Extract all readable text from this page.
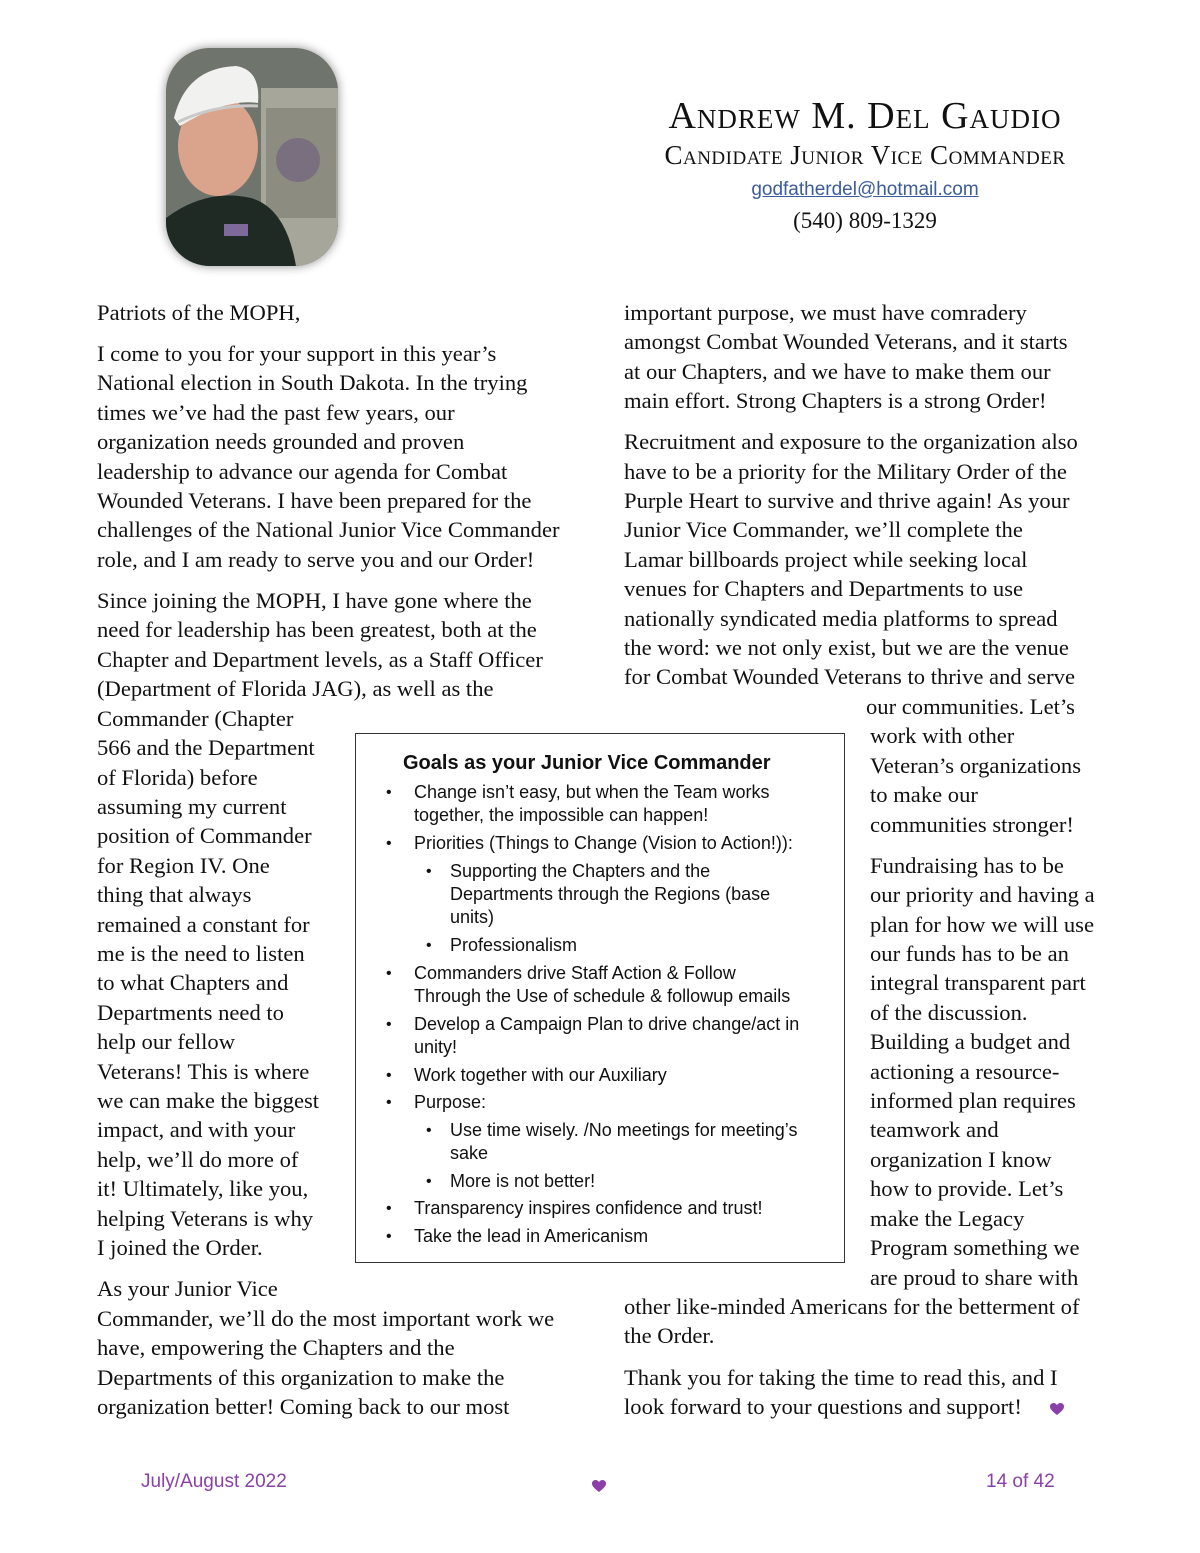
Andrew M. Del Gaudio
Candidate Junior Vice Commander
godfatherdel@hotmail.com
(540) 809-1329
Patriots of the MOPH,
I come to you for your support in this year’s
National election in South Dakota. In the trying
times we’ve had the past few years, our
organization needs grounded and proven
leadership to advance our agenda for Combat
Wounded Veterans. I have been prepared for the
challenges of the National Junior Vice Commander
role, and I am ready to serve you and our Order!
Since joining the MOPH, I have gone where the
need for leadership has been greatest, both at the
Chapter and Department levels, as a Staff Officer
(Department of Florida JAG), as well as the
Commander (Chapter
566 and the Department
of Florida) before
assuming my current
position of Commander
for Region IV. One
thing that always
remained a constant for
me is the need to listen
to what Chapters and
Departments need to
help our fellow
Veterans! This is where
we can make the biggest
impact, and with your
help, we’ll do more of
it! Ultimately, like you,
helping Veterans is why
I joined the Order.
As your Junior Vice
Commander, we’ll do the most important work we
have, empowering the Chapters and the
Departments of this organization to make the
organization better! Coming back to our most
important purpose, we must have comradery
amongst Combat Wounded Veterans, and it starts
at our Chapters, and we have to make them our
main effort. Strong Chapters is a strong Order!
Recruitment and exposure to the organization also
have to be a priority for the Military Order of the
Purple Heart to survive and thrive again! As your
Junior Vice Commander, we’ll complete the
Lamar billboards project while seeking local
venues for Chapters and Departments to use
nationally syndicated media platforms to spread
the word: we not only exist, but we are the venue
for Combat Wounded Veterans to thrive and serve
our communities. Let’s
work with other
Veteran’s organizations
to make our
communities stronger!
Fundraising has to be
our priority and having a
plan for how we will use
our funds has to be an
integral transparent part
of the discussion.
Building a budget and
actioning a resource-
informed plan requires
teamwork and
organization I know
how to provide. Let’s
make the Legacy
Program something we
are proud to share with
other like-minded Americans for the betterment of
the Order.
Thank you for taking the time to read this, and I
look forward to your questions and support!
Goals as your Junior Vice Commander
• Change isn’t easy, but when the Team works
together, the impossible can happen!
• Priorities (Things to Change (Vision to Action!)):
• Supporting the Chapters and the
Departments through the Regions (base
units)
• Professionalism
• Commanders drive Staff Action & Follow
Through the Use of schedule & followup emails
• Develop a Campaign Plan to drive change/act in
unity!
• Work together with our Auxiliary
• Purpose:
• Use time wisely. /No meetings for meeting’s
sake
• More is not better!
• Transparency inspires confidence and trust!
• Take the lead in Americanism
July/August 2022	14 of 42
